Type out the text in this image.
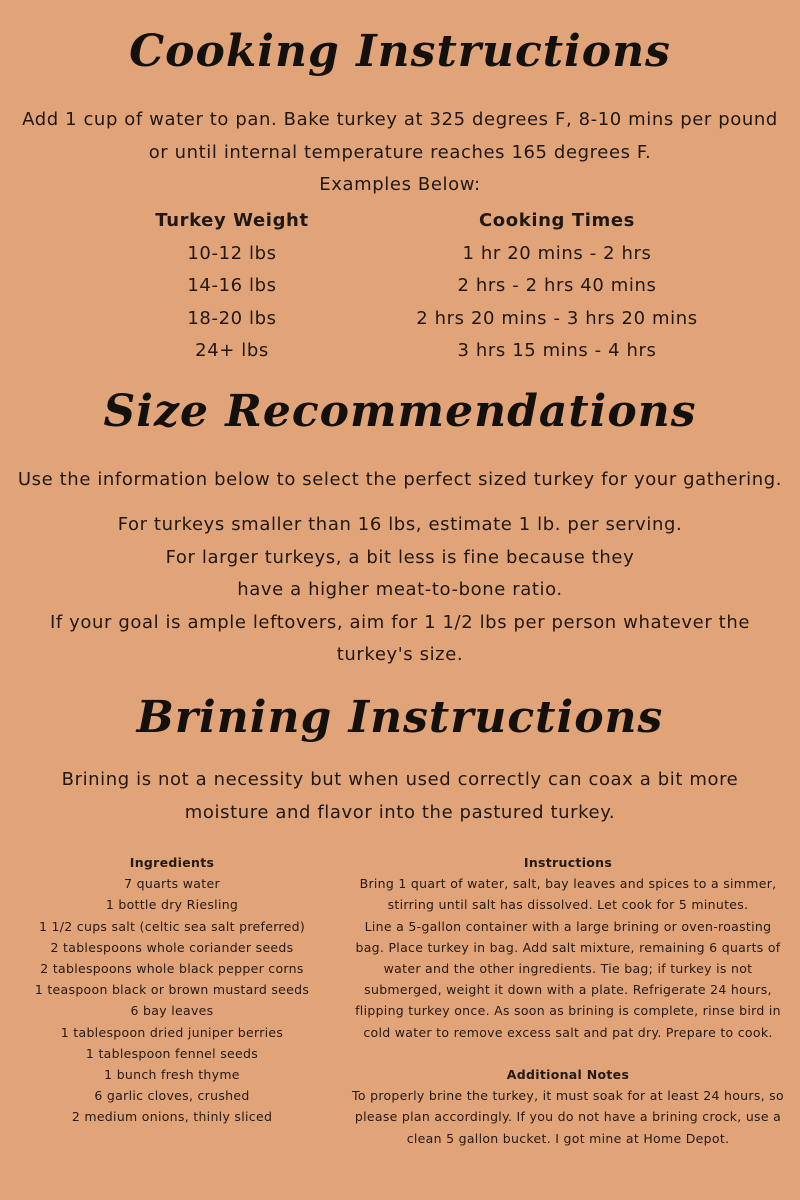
Cooking Instructions
Add 1 cup of water to pan. Bake turkey at 325 degrees F, 8-10 mins per pound
or until internal temperature reaches 165 degrees F.
Examples Below:
Turkey Weight
10-12 lbs
14-16 lbs
18-20 lbs
24+ lbs
Cooking Times
1 hr 20 mins - 2 hrs
2 hrs - 2 hrs 40 mins
2 hrs 20 mins - 3 hrs 20 mins
3 hrs 15 mins - 4 hrs
Size Recommendations
Use the information below to select the perfect sized turkey for your gathering.
For turkeys smaller than 16 lbs, estimate 1 lb. per serving.
For larger turkeys, a bit less is fine because they
have a higher meat-to-bone ratio.
If your goal is ample leftovers, aim for 1 1/2 lbs per person whatever the
turkey's size.
Brining Instructions
Brining is not a necessity but when used correctly can coax a bit more
moisture and flavor into the pastured turkey.
Ingredients
7 quarts water
1 bottle dry Riesling
1 1/2 cups salt (celtic sea salt preferred)
2 tablespoons whole coriander seeds
2 tablespoons whole black pepper corns
1 teaspoon black or brown mustard seeds
6 bay leaves
1 tablespoon dried juniper berries
1 tablespoon fennel seeds
1 bunch fresh thyme
6 garlic cloves, crushed
2 medium onions, thinly sliced
Instructions
Bring 1 quart of water, salt, bay leaves and spices to a simmer,
stirring until salt has dissolved. Let cook for 5 minutes.
Line a 5-gallon container with a large brining or oven-roasting
bag. Place turkey in bag. Add salt mixture, remaining 6 quarts of
water and the other ingredients. Tie bag; if turkey is not
submerged, weight it down with a plate. Refrigerate 24 hours,
flipping turkey once. As soon as brining is complete, rinse bird in
cold water to remove excess salt and pat dry. Prepare to cook.
Additional Notes
To properly brine the turkey, it must soak for at least 24 hours, so
please plan accordingly. If you do not have a brining crock, use a
clean 5 gallon bucket. I got mine at Home Depot.
